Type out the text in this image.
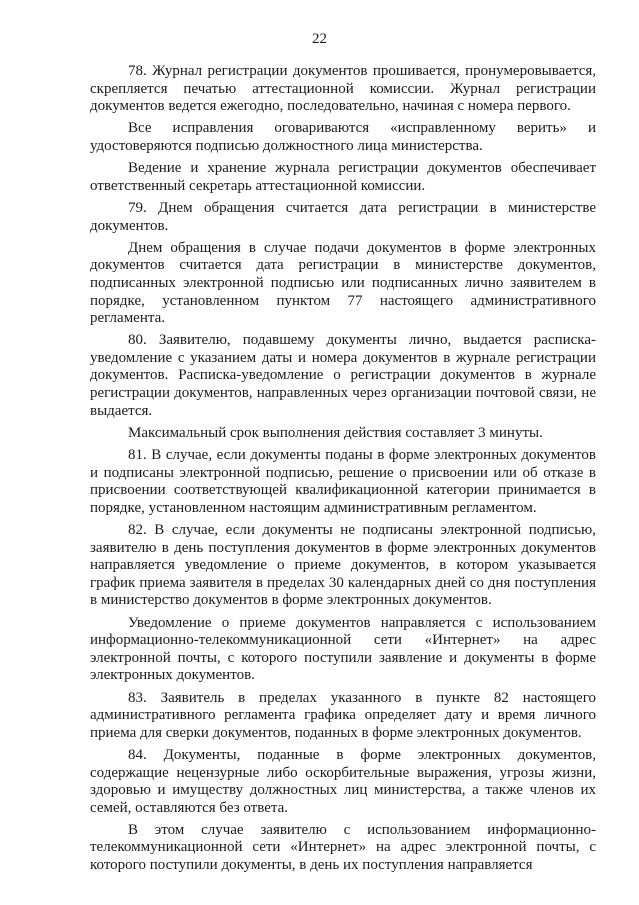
22

78. Журнал регистрации документов прошивается, пронумеровывается, скрепляется печатью аттестационной комиссии. Журнал регистрации документов ведется ежегодно, последовательно, начиная с номера первого.

Все исправления оговариваются «исправленному верить» и удостоверяются подписью должностного лица министерства.

Ведение и хранение журнала регистрации документов обеспечивает ответственный секретарь аттестационной комиссии.

79. Днем обращения считается дата регистрации в министерстве документов.

Днем обращения в случае подачи документов в форме электронных документов считается дата регистрации в министерстве документов, подписанных электронной подписью или подписанных лично заявителем в порядке, установленном пунктом 77 настоящего административного регламента.

80. Заявителю, подавшему документы лично, выдается расписка-уведомление с указанием даты и номера документов в журнале регистрации документов. Расписка-уведомление о регистрации документов в журнале регистрации документов, направленных через организации почтовой связи, не выдается.

Максимальный срок выполнения действия составляет 3 минуты.

81. В случае, если документы поданы в форме электронных документов и подписаны электронной подписью, решение о присвоении или об отказе в присвоении соответствующей квалификационной категории принимается в порядке, установленном настоящим административным регламентом.

82. В случае, если документы не подписаны электронной подписью, заявителю в день поступления документов в форме электронных документов направляется уведомление о приеме документов, в котором указывается график приема заявителя в пределах 30 календарных дней со дня поступления в министерство документов в форме электронных документов.

Уведомление о приеме документов направляется с использованием информационно-телекоммуникационной сети «Интернет» на адрес электронной почты, с которого поступили заявление и документы в форме электронных документов.

83. Заявитель в пределах указанного в пункте 82 настоящего административного регламента графика определяет дату и время личного приема для сверки документов, поданных в форме электронных документов.

84. Документы, поданные в форме электронных документов, содержащие нецензурные либо оскорбительные выражения, угрозы жизни, здоровью и имуществу должностных лиц министерства, а также членов их семей, оставляются без ответа.

В этом случае заявителю с использованием информационно-телекоммуникационной сети «Интернет» на адрес электронной почты, с которого поступили документы, в день их поступления направляется
